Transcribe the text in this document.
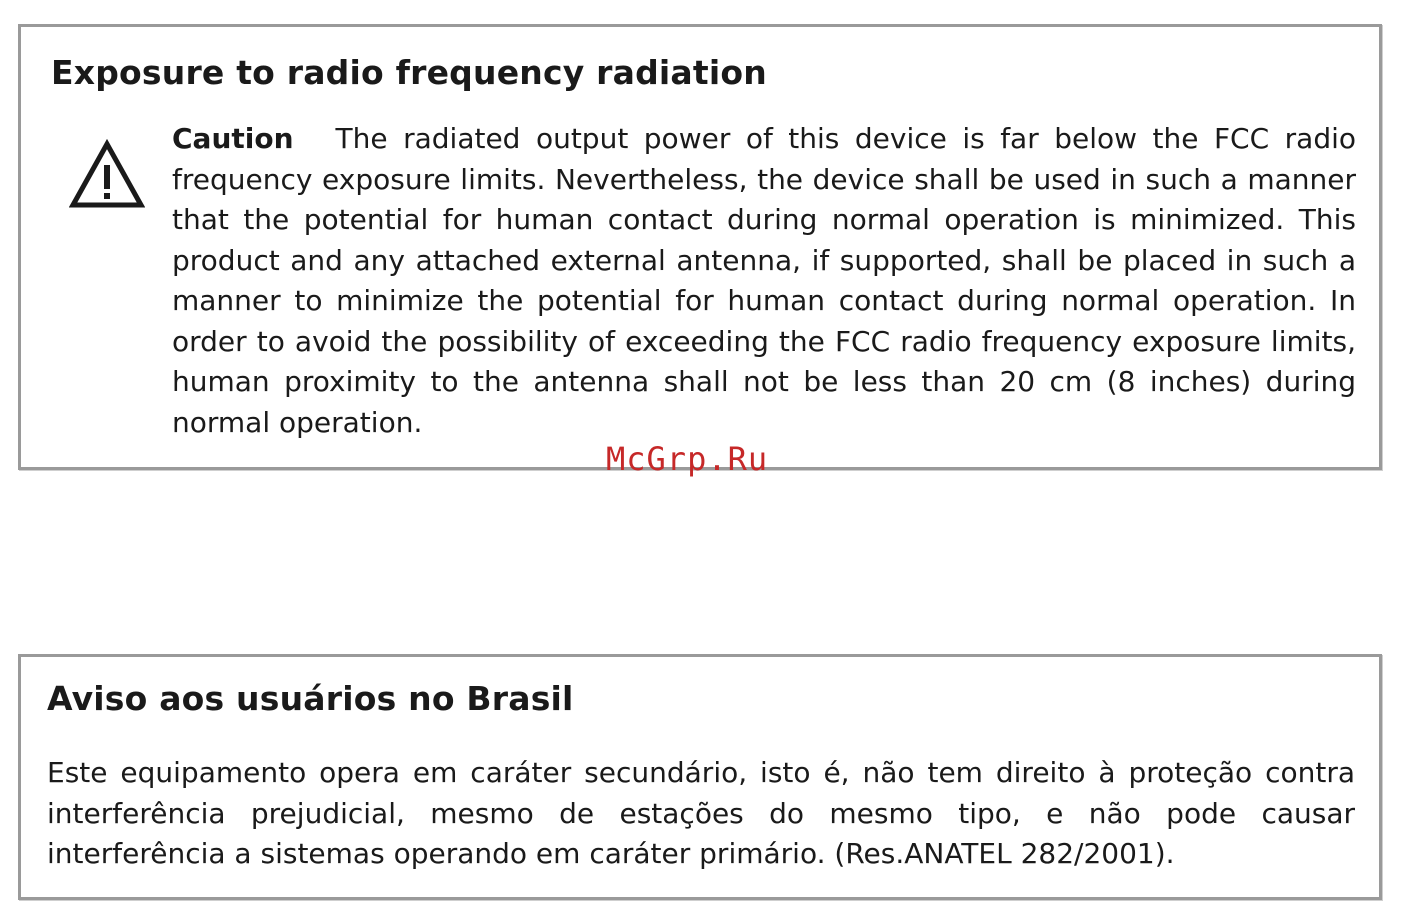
Exposure to radio frequency radiation

Caution The radiated output power of this device is far below the FCC radio frequency exposure limits. Nevertheless, the device shall be used in such a manner that the potential for human contact during normal operation is minimized. This product and any attached external antenna, if supported, shall be placed in such a manner to minimize the potential for human contact during normal operation. In order to avoid the possibility of exceeding the FCC radio frequency exposure limits, human proximity to the antenna shall not be less than 20 cm (8 inches) during normal operation.

McGrp.Ru
Aviso aos usuários no Brasil

Este equipamento opera em caráter secundário, isto é, não tem direito à proteção contra interferência prejudicial, mesmo de estações do mesmo tipo, e não pode causar interferência a sistemas operando em caráter primário. (Res.ANATEL 282/2001).
